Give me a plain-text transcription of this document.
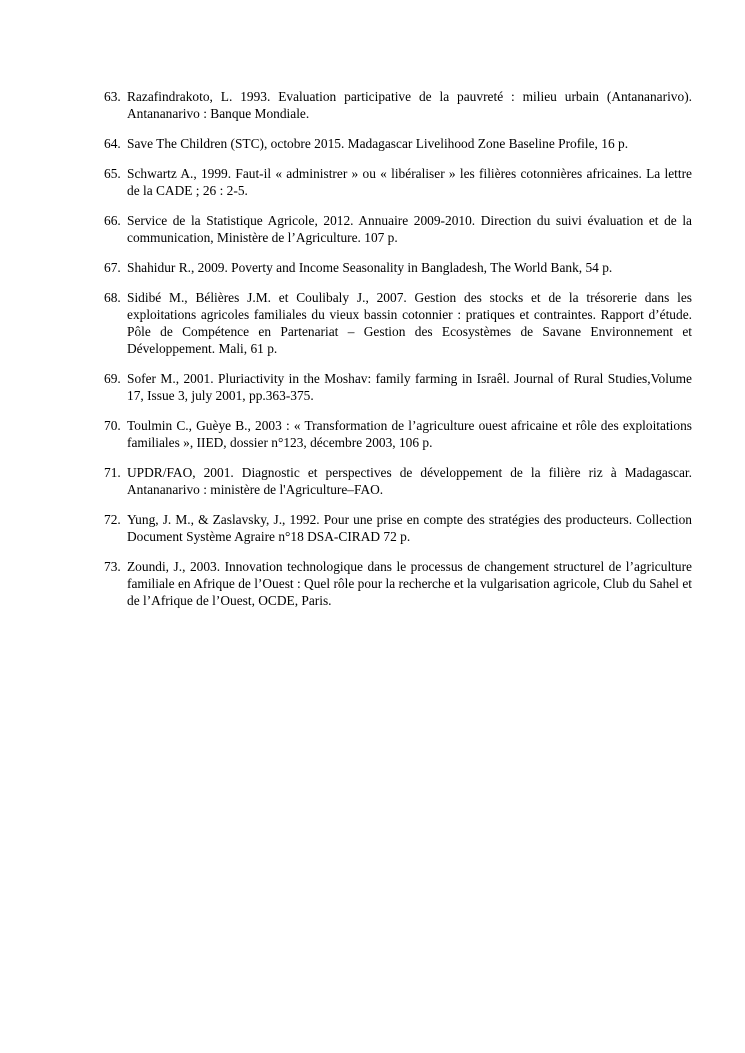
63. Razafindrakoto, L. 1993. Evaluation participative de la pauvreté : milieu urbain (Antananarivo). Antananarivo : Banque Mondiale.
64. Save The Children (STC), octobre 2015. Madagascar Livelihood Zone Baseline Profile, 16 p.
65. Schwartz A., 1999. Faut-il « administrer » ou « libéraliser » les filières cotonnières africaines. La lettre de la CADE ; 26 : 2-5.
66. Service de la Statistique Agricole, 2012. Annuaire 2009-2010. Direction du suivi évaluation et de la communication, Ministère de l’Agriculture. 107 p.
67. Shahidur R., 2009. Poverty and Income Seasonality in Bangladesh, The World Bank, 54 p.
68. Sidibé M., Bélières J.M. et Coulibaly J., 2007. Gestion des stocks et de la trésorerie dans les exploitations agricoles familiales du vieux bassin cotonnier : pratiques et contraintes. Rapport d’étude. Pôle de Compétence en Partenariat – Gestion des Ecosystèmes de Savane Environnement et Développement. Mali, 61 p.
69. Sofer M., 2001. Pluriactivity in the Moshav: family farming in Israêl. Journal of Rural Studies,Volume 17, Issue 3, july 2001, pp.363-375.
70. Toulmin C., Guèye B., 2003 : « Transformation de l’agriculture ouest africaine et rôle des exploitations familiales », IIED, dossier n°123, décembre 2003, 106 p.
71. UPDR/FAO, 2001. Diagnostic et perspectives de développement de la filière riz à Madagascar. Antananarivo : ministère de l'Agriculture–FAO.
72. Yung, J. M., & Zaslavsky, J., 1992. Pour une prise en compte des stratégies des producteurs. Collection Document Système Agraire n°18 DSA-CIRAD 72 p.
73. Zoundi, J., 2003. Innovation technologique dans le processus de changement structurel de l’agriculture familiale en Afrique de l’Ouest : Quel rôle pour la recherche et la vulgarisation agricole, Club du Sahel et de l’Afrique de l’Ouest, OCDE, Paris.
